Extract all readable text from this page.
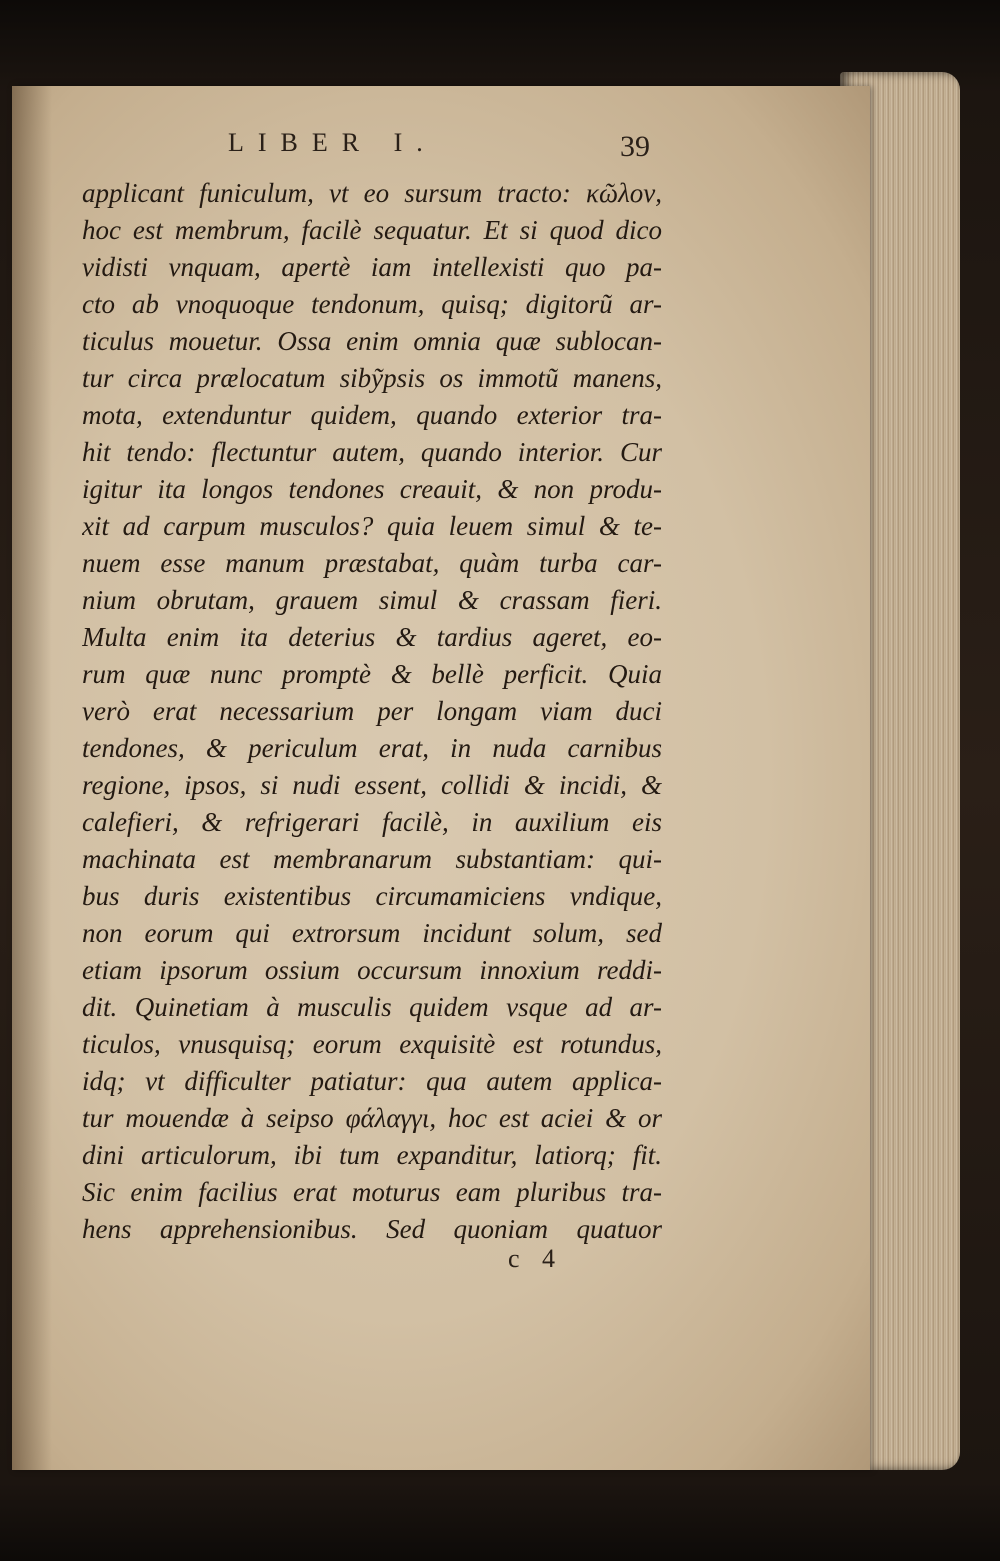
LIBER I.	39
applicant funiculum, vt eo sursum tracto: κῶλον,
hoc est membrum, facilè sequatur. Et si quod dico
vidisti vnquam, apertè iam intellexisti quo pa-
cto ab vnoquoque tendonum, quisq; digitorũ ar-
ticulus mouetur. Ossa enim omnia quæ sublocan-
tur circa prælocatum sibỹpsis os immotũ manens,
mota, extenduntur quidem, quando exterior tra-
hit tendo: flectuntur autem, quando interior. Cur
igitur ita longos tendones creauit, & non produ-
xit ad carpum musculos? quia leuem simul & te-
nuem esse manum præstabat, quàm turba car-
nium obrutam, grauem simul & crassam fieri.
Multa enim ita deterius & tardius ageret, eo-
rum quæ nunc promptè & bellè perficit. Quia
verò erat necessarium per longam viam duci
tendones, & periculum erat, in nuda carnibus
regione, ipsos, si nudi essent, collidi & incidi, &
calefieri, & refrigerari facilè, in auxilium eis
machinata est membranarum substantiam: qui-
bus duris existentibus circumamiciens vndique,
non eorum qui extrorsum incidunt solum, sed
etiam ipsorum ossium occursum innoxium reddi-
dit. Quinetiam à musculis quidem vsque ad ar-
ticulos, vnusquisq; eorum exquisitè est rotundus,
idq; vt difficulter patiatur: qua autem applica-
tur mouendæ à seipso φάλαγγι, hoc est aciei & or
dini articulorum, ibi tum expanditur, latiorq; fit.
Sic enim facilius erat moturus eam pluribus tra-
hens apprehensionibus. Sed quoniam quatuor
c 4
